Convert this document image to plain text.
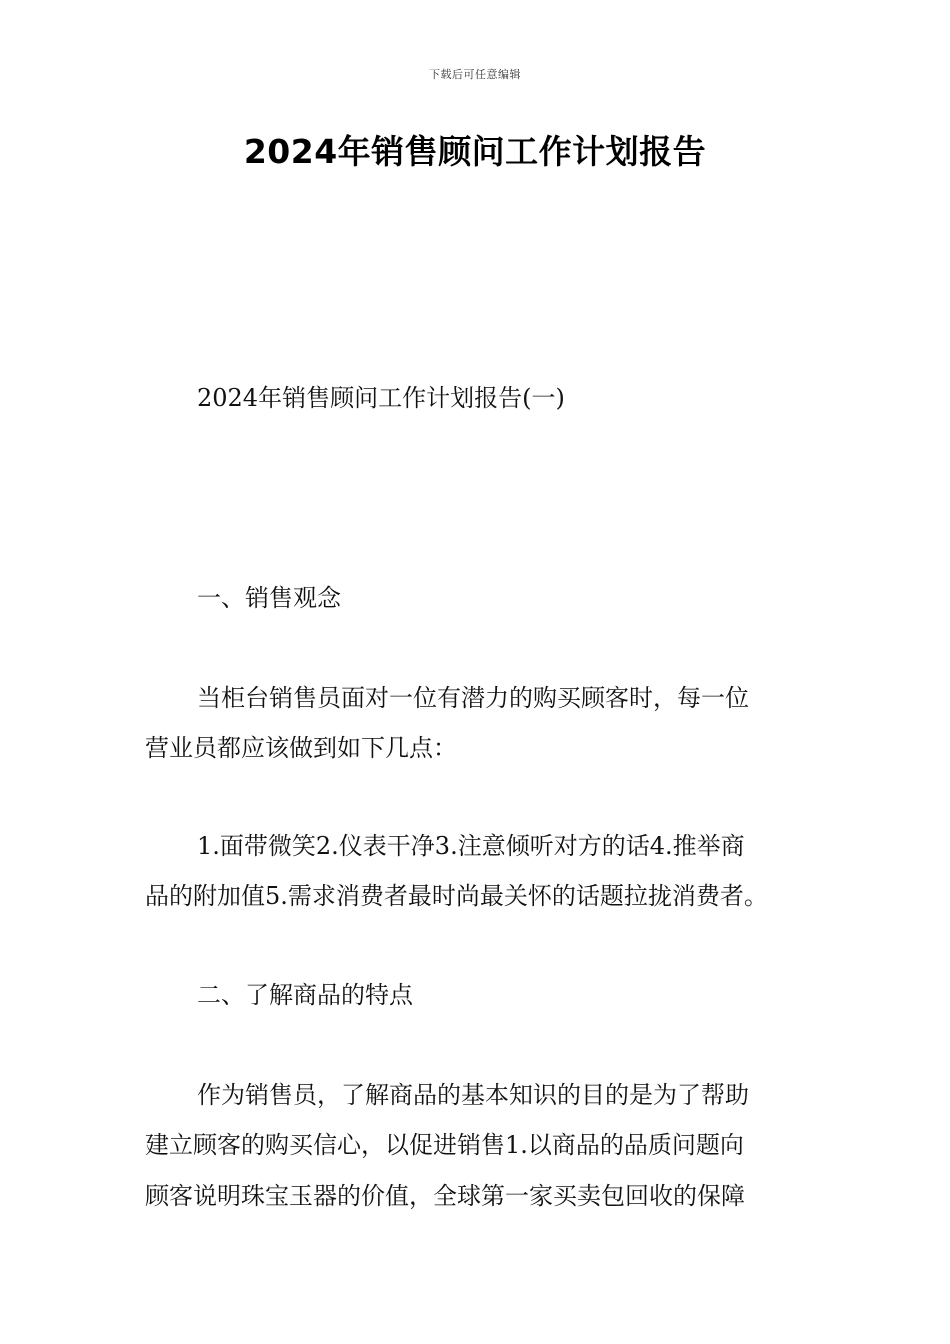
下载后可任意编辑
2024年销售顾问工作计划报告
2024年销售顾问工作计划报告(一)
一、销售观念
当柜台销售员面对一位有潜力的购买顾客时，每一位
营业员都应该做到如下几点：
1.面带微笑2.仪表干净3.注意倾听对方的话4.推举商
品的附加值5.需求消费者最时尚最关怀的话题拉拢消费者。
二、了解商品的特点
作为销售员，了解商品的基本知识的目的是为了帮助
建立顾客的购买信心，以促进销售1.以商品的品质问题向
顾客说明珠宝玉器的价值，全球第一家买卖包回收的保障
